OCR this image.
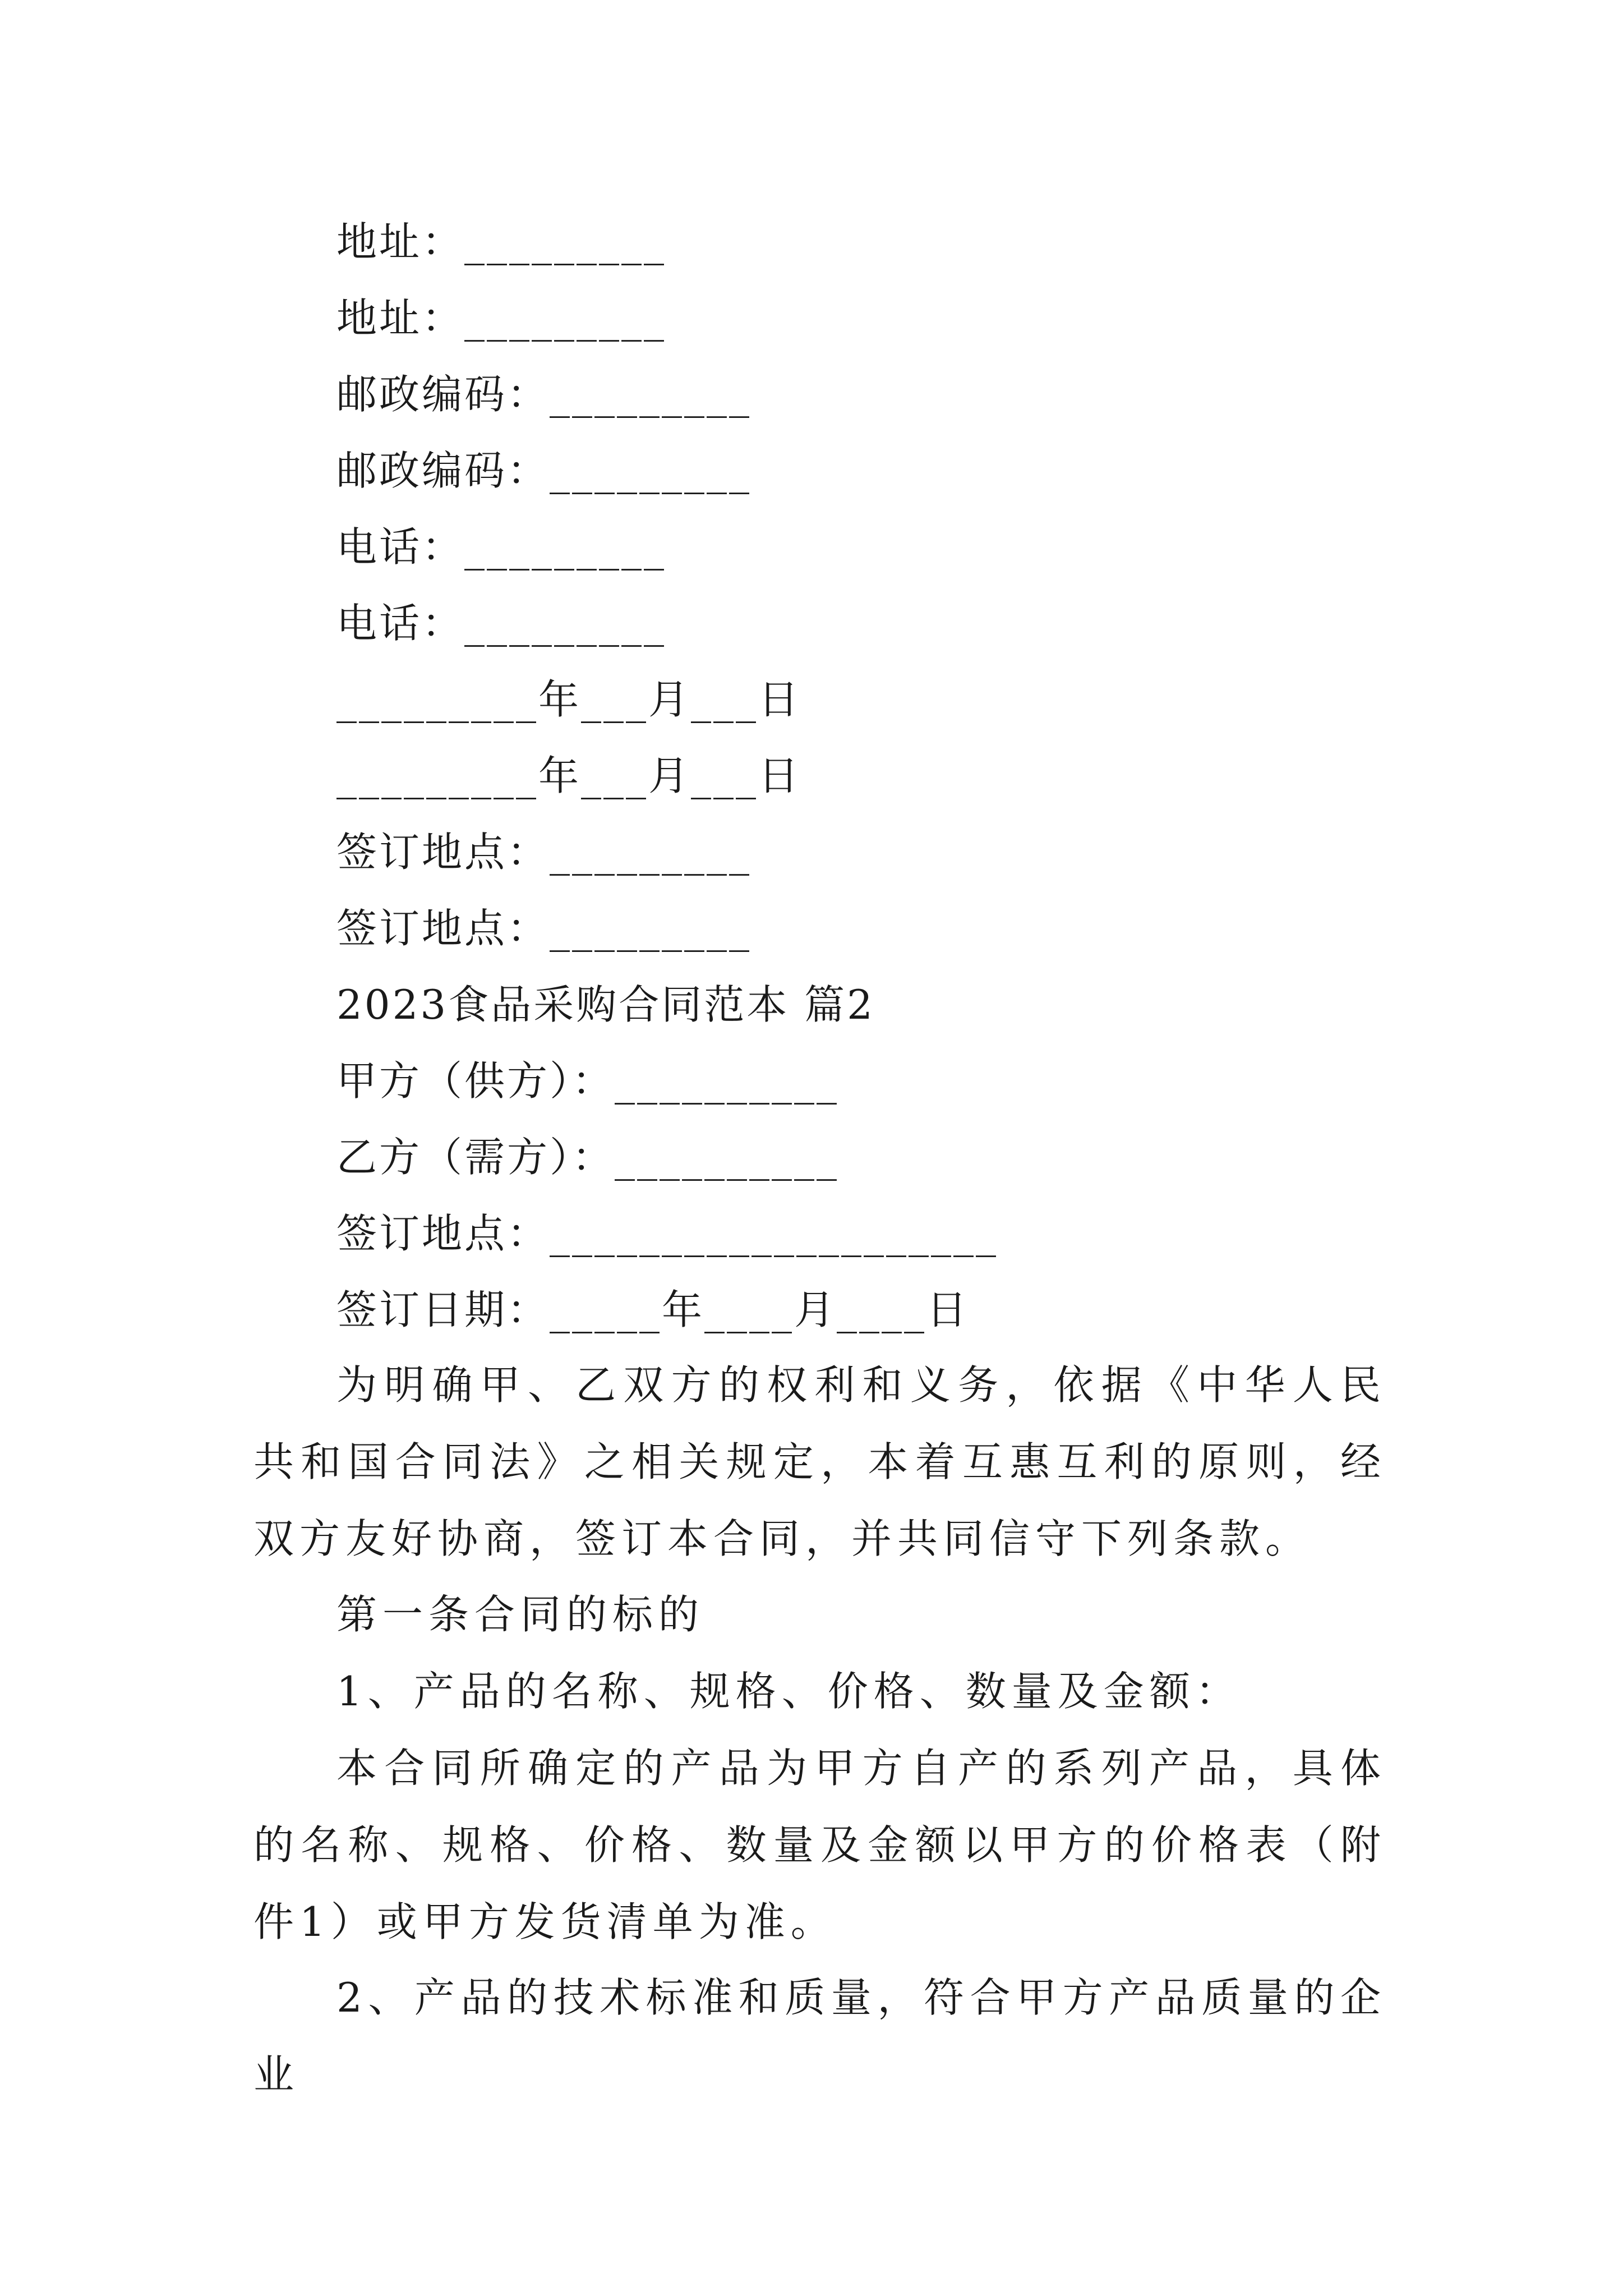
地址：_________
地址：_________
邮政编码：_________
邮政编码：_________
电话：_________
电话：_________
_________年___月___日
_________年___月___日
签订地点：_________
签订地点：_________
2023食品采购合同范本 篇2
甲方（供方）：__________
乙方（需方）：__________
签订地点：____________________
签订日期：_____年____月____日
为明确甲、乙双方的权利和义务，依据《中华人民共和国合同法》之相关规定，本着互惠互利的原则，经双方友好协商，签订本合同，并共同信守下列条款。
第一条合同的标的
1、产品的名称、规格、价格、数量及金额：
本合同所确定的产品为甲方自产的系列产品，具体的名称、规格、价格、数量及金额以甲方的价格表（附件1）或甲方发货清单为准。
2、产品的技术标准和质量，符合甲方产品质量的企业
